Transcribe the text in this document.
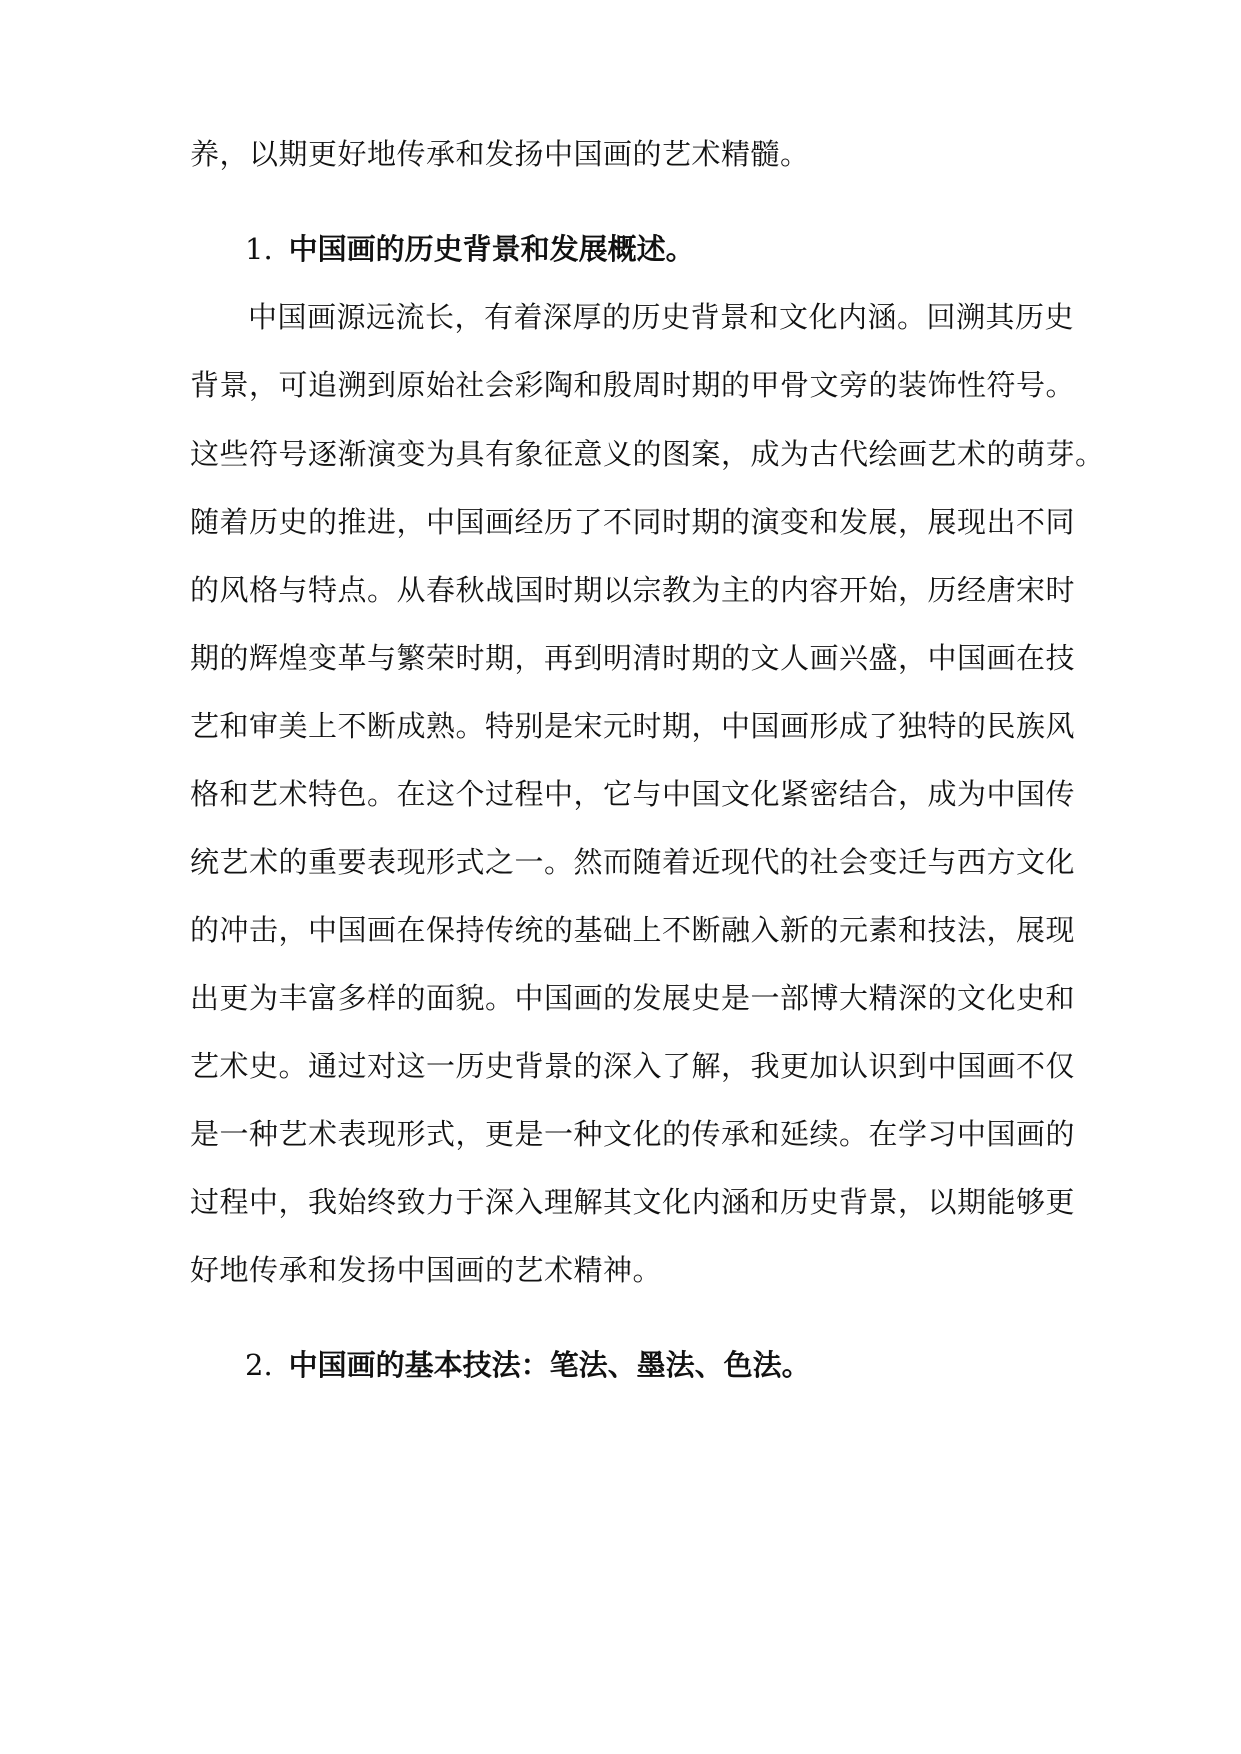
养，以期更好地传承和发扬中国画的艺术精髓。
1. 中国画的历史背景和发展概述。
中国画源远流长，有着深厚的历史背景和文化内涵。回溯其历史
背景，可追溯到原始社会彩陶和殷周时期的甲骨文旁的装饰性符号。
这些符号逐渐演变为具有象征意义的图案，成为古代绘画艺术的萌芽。
随着历史的推进，中国画经历了不同时期的演变和发展，展现出不同
的风格与特点。从春秋战国时期以宗教为主的内容开始，历经唐宋时
期的辉煌变革与繁荣时期，再到明清时期的文人画兴盛，中国画在技
艺和审美上不断成熟。特别是宋元时期，中国画形成了独特的民族风
格和艺术特色。在这个过程中，它与中国文化紧密结合，成为中国传
统艺术的重要表现形式之一。然而随着近现代的社会变迁与西方文化
的冲击，中国画在保持传统的基础上不断融入新的元素和技法，展现
出更为丰富多样的面貌。中国画的发展史是一部博大精深的文化史和
艺术史。通过对这一历史背景的深入了解，我更加认识到中国画不仅
是一种艺术表现形式，更是一种文化的传承和延续。在学习中国画的
过程中，我始终致力于深入理解其文化内涵和历史背景，以期能够更
好地传承和发扬中国画的艺术精神。
2. 中国画的基本技法：笔法、墨法、色法。
